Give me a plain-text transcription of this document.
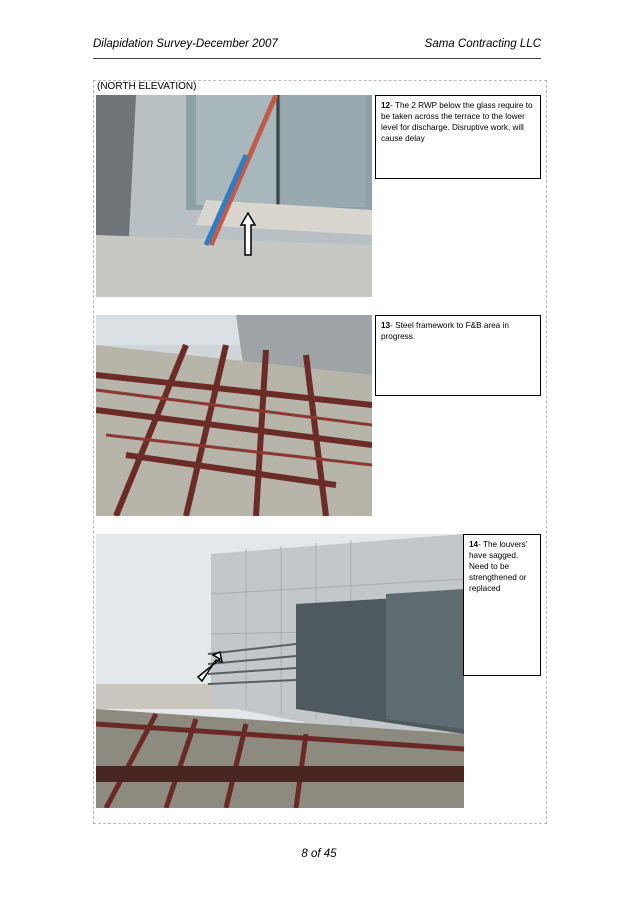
Dilapidation Survey-December 2007	Sama Contracting LLC
(NORTH ELEVATION)
12- The 2 RWP below the glass require to be taken across the terrace to the lower level for discharge. Disruptive work, will cause delay
13- Steel framework to F&B area in progress.
14- The louvers’ have sagged. Need to be strengthened or replaced
8 of 45
